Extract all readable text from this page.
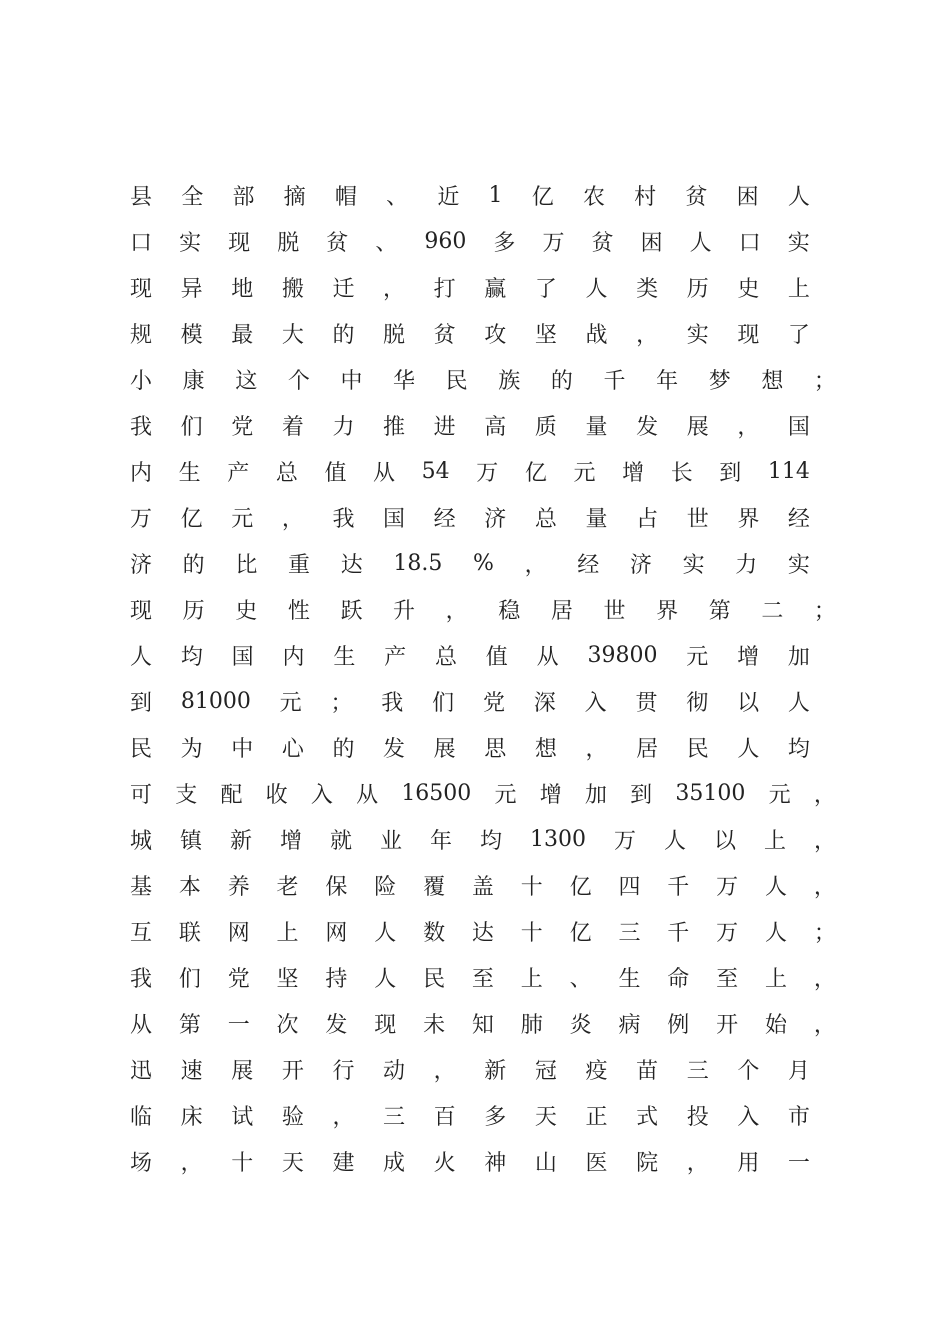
县 全 部 摘 帽 、 近 1 亿 农 村 贫 困 人
口 实 现 脱 贫 、 960 多 万 贫 困 人 口 实
现 异 地 搬 迁 ， 打 赢 了 人 类 历 史 上
规 模 最 大 的 脱 贫 攻 坚 战 ， 实 现 了
小 康 这 个 中 华 民 族 的 千 年 梦 想 ；
我 们 党 着 力 推 进 高 质 量 发 展 ， 国
内 生 产 总 值 从 54 万 亿 元 增 长 到 114
万 亿 元 ， 我 国 经 济 总 量 占 世 界 经
济 的 比 重 达 18.5 % ， 经 济 实 力 实
现 历 史 性 跃 升 ， 稳 居 世 界 第 二 ；
人 均 国 内 生 产 总 值 从 39800 元 增 加
到 81000 元 ； 我 们 党 深 入 贯 彻 以 人
民 为 中 心 的 发 展 思 想 ， 居 民 人 均
可 支 配 收 入 从 16500 元 增 加 到 35100 元 ，
城 镇 新 增 就 业 年 均 1300 万 人 以 上 ，
基 本 养 老 保 险 覆 盖 十 亿 四 千 万 人 ，
互 联 网 上 网 人 数 达 十 亿 三 千 万 人 ；
我 们 党 坚 持 人 民 至 上 、 生 命 至 上 ，
从 第 一 次 发 现 未 知 肺 炎 病 例 开 始 ，
迅 速 展 开 行 动 ， 新 冠 疫 苗 三 个 月
临 床 试 验 ， 三 百 多 天 正 式 投 入 市
场 ， 十 天 建 成 火 神 山 医 院 ， 用 一
